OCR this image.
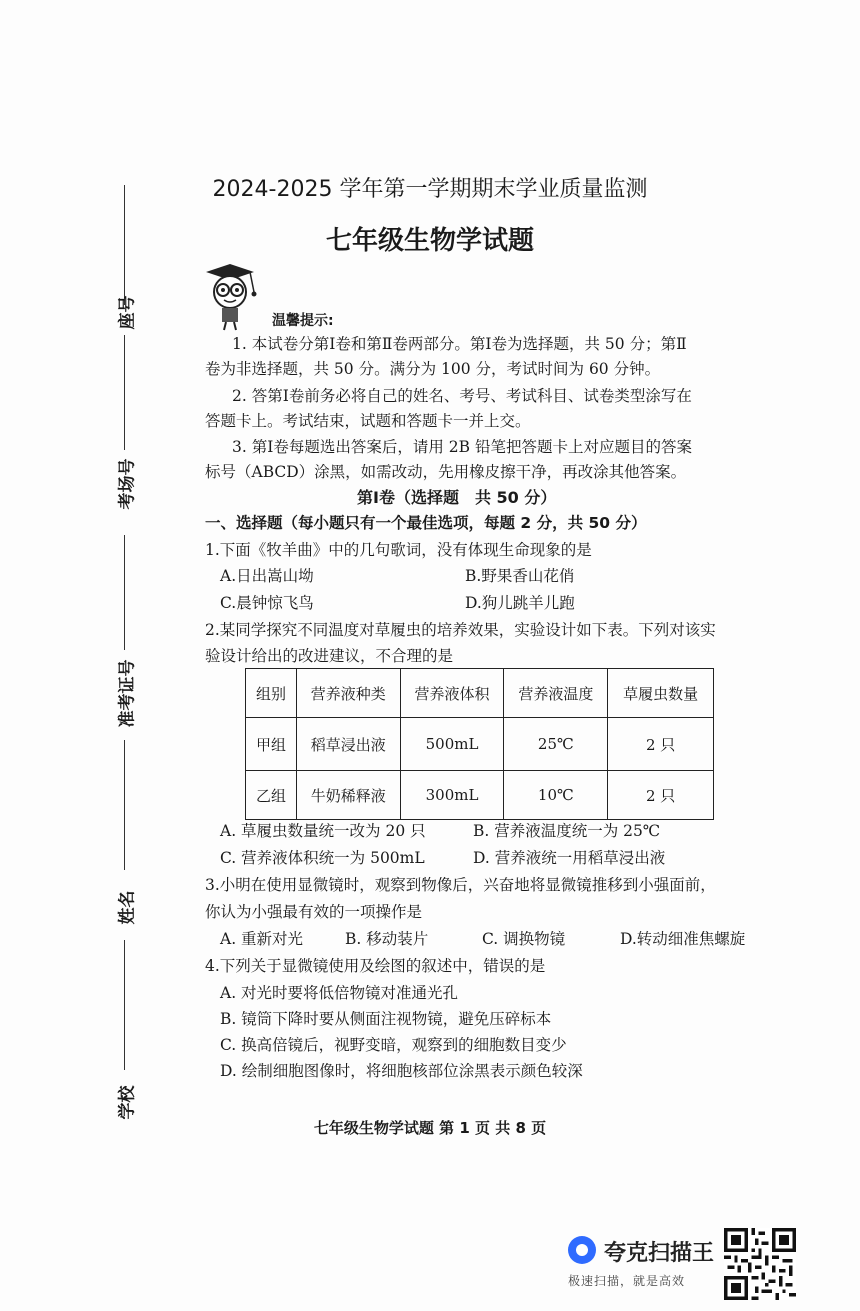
座号
考场号
准考证号
姓名
学校
2024-2025 学年第一学期期末学业质量监测
七年级生物学试题
温馨提示:
1. 本试卷分第Ⅰ卷和第Ⅱ卷两部分。第Ⅰ卷为选择题，共 50 分；第Ⅱ
卷为非选择题，共 50 分。满分为 100 分，考试时间为 60 分钟。
2. 答第Ⅰ卷前务必将自己的姓名、考号、考试科目、试卷类型涂写在
答题卡上。考试结束，试题和答题卡一并上交。
3. 第Ⅰ卷每题选出答案后，请用 2B 铅笔把答题卡上对应题目的答案
标号（ABCD）涂黑，如需改动，先用橡皮擦干净，再改涂其他答案。
第Ⅰ卷（选择题　共 50 分）
一、选择题（每小题只有一个最佳选项，每题 2 分，共 50 分）
1.下面《牧羊曲》中的几句歌词，没有体现生命现象的是
A.日出嵩山坳	B.野果香山花俏
C.晨钟惊飞鸟	D.狗儿跳羊儿跑
2.某同学探究不同温度对草履虫的培养效果，实验设计如下表。下列对该实
验设计给出的改进建议，不合理的是
组别	营养液种类	营养液体积	营养液温度	草履虫数量
甲组	稻草浸出液	500mL	25℃	2 只
乙组	牛奶稀释液	300mL	10℃	2 只
A. 草履虫数量统一改为 20 只	B. 营养液温度统一为 25℃
C. 营养液体积统一为 500mL	D. 营养液统一用稻草浸出液
3.小明在使用显微镜时，观察到物像后，兴奋地将显微镜推移到小强面前，
你认为小强最有效的一项操作是
A. 重新对光	B. 移动装片	C. 调换物镜	D.转动细准焦螺旋
4.下列关于显微镜使用及绘图的叙述中，错误的是
A. 对光时要将低倍物镜对准通光孔
B. 镜筒下降时要从侧面注视物镜，避免压碎标本
C. 换高倍镜后，视野变暗，观察到的细胞数目变少
D. 绘制细胞图像时，将细胞核部位涂黑表示颜色较深
七年级生物学试题 第 1 页 共 8 页
夸克扫描王
极速扫描，就是高效
